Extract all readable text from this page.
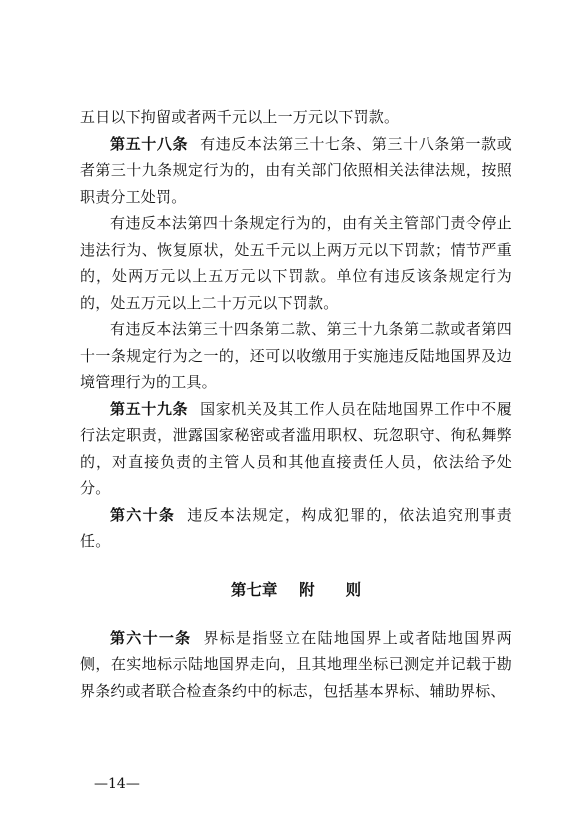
五日以下拘留或者两千元以上一万元以下罚款。

第五十八条 有违反本法第三十七条、第三十八条第一款或者第三十九条规定行为的，由有关部门依照相关法律法规，按照职责分工处罚。

有违反本法第四十条规定行为的，由有关主管部门责令停止违法行为、恢复原状，处五千元以上两万元以下罚款；情节严重的，处两万元以上五万元以下罚款。单位有违反该条规定行为的，处五万元以上二十万元以下罚款。

有违反本法第三十四条第二款、第三十九条第二款或者第四十一条规定行为之一的，还可以收缴用于实施违反陆地国界及边境管理行为的工具。

第五十九条 国家机关及其工作人员在陆地国界工作中不履行法定职责，泄露国家秘密或者滥用职权、玩忽职守、徇私舞弊的，对直接负责的主管人员和其他直接责任人员，依法给予处分。

第六十条 违反本法规定，构成犯罪的，依法追究刑事责任。

第七章 附 则

第六十一条 界标是指竖立在陆地国界上或者陆地国界两侧，在实地标示陆地国界走向，且其地理坐标已测定并记载于勘界条约或者联合检查条约中的标志，包括基本界标、辅助界标、

—14—
